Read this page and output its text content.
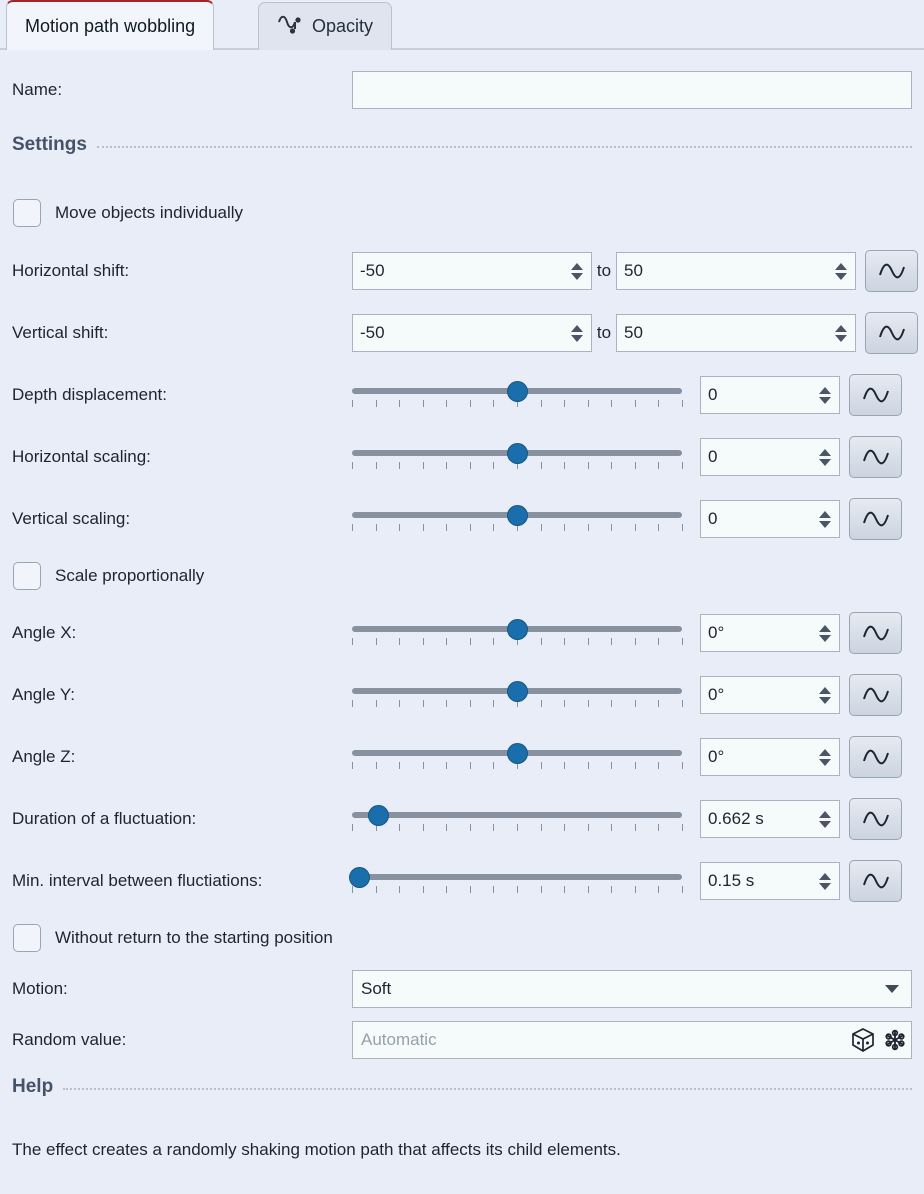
Motion path wobbling	Opacity
Name:
Settings
Move objects individually
Horizontal shift:	-50	to 50
Vertical shift:	-50	to 50
Depth displacement:	0
Horizontal scaling:	0
Vertical scaling:	0
Scale proportionally
Angle X:	0°
Angle Y:	0°
Angle Z:	0°
Duration of a fluctuation:	0.662 s
Min. interval between fluctiations:	0.15 s
Without return to the starting position
Motion:	Soft
Random value:	Automatic
Help
The effect creates a randomly shaking motion path that affects its child elements.
